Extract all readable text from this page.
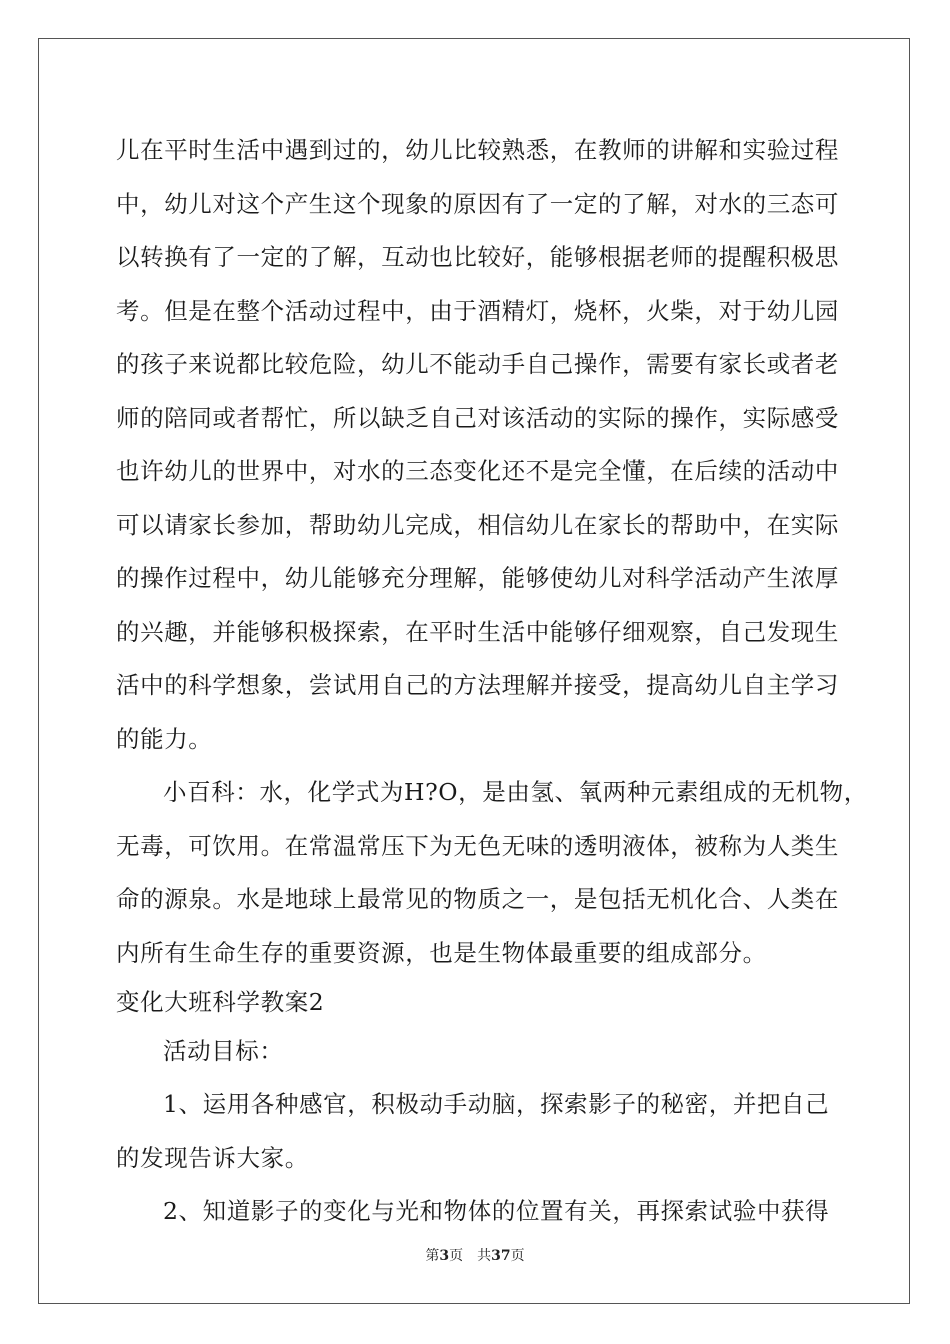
儿在平时生活中遇到过的，幼儿比较熟悉，在教师的讲解和实验过程
中，幼儿对这个产生这个现象的原因有了一定的了解，对水的三态可
以转换有了一定的了解，互动也比较好，能够根据老师的提醒积极思
考。但是在整个活动过程中，由于酒精灯，烧杯，火柴，对于幼儿园
的孩子来说都比较危险，幼儿不能动手自己操作，需要有家长或者老
师的陪同或者帮忙，所以缺乏自己对该活动的实际的操作，实际感受
也许幼儿的世界中，对水的三态变化还不是完全懂，在后续的活动中
可以请家长参加，帮助幼儿完成，相信幼儿在家长的帮助中，在实际
的操作过程中，幼儿能够充分理解，能够使幼儿对科学活动产生浓厚
的兴趣，并能够积极探索，在平时生活中能够仔细观察，自己发现生
活中的科学想象，尝试用自己的方法理解并接受，提高幼儿自主学习
的能力。
小百科：水，化学式为H?O，是由氢、氧两种元素组成的无机物，
无毒，可饮用。在常温常压下为无色无味的透明液体，被称为人类生
命的源泉。水是地球上最常见的物质之一，是包括无机化合、人类在
内所有生命生存的重要资源，也是生物体最重要的组成部分。
变化大班科学教案2
活动目标：
1、运用各种感官，积极动手动脑，探索影子的秘密，并把自己
的发现告诉大家。
2、知道影子的变化与光和物体的位置有关，再探索试验中获得
第3页 共37页
